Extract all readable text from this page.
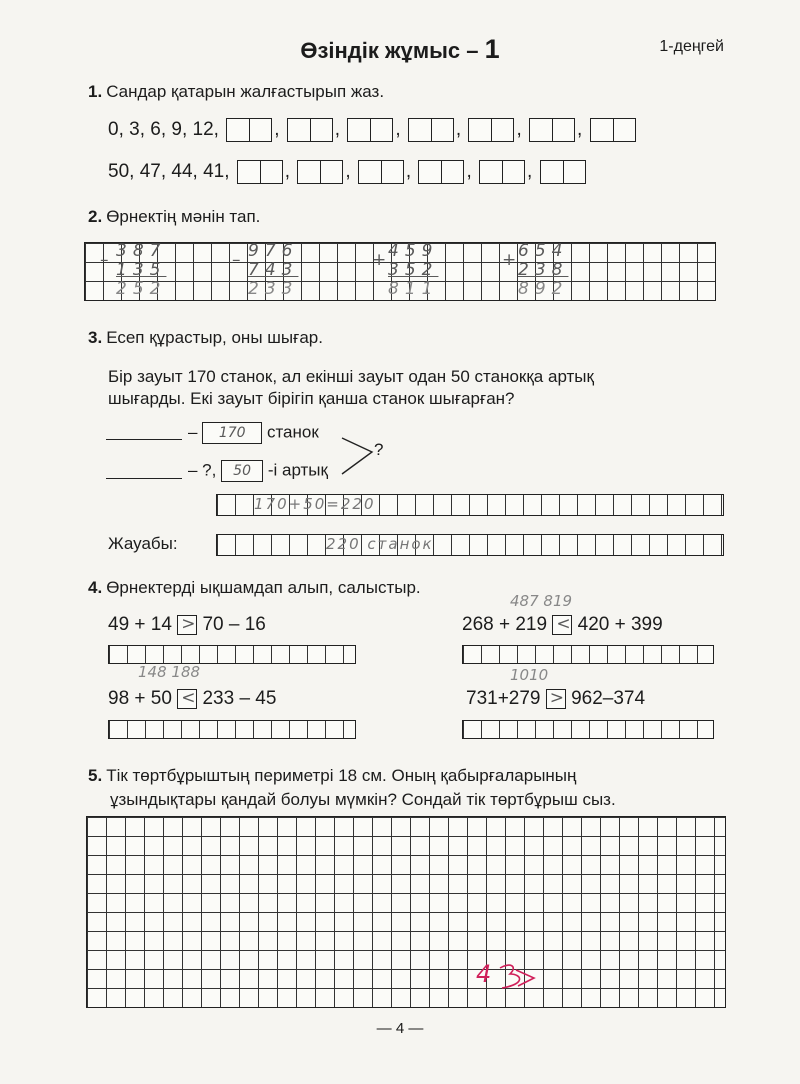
Өзіндік жұмыс – 1	1-деңгей
1. Сандар қатарын жалғастырып жаз.
0, 3, 6, 9, 12,	,	,	,	,	,	,
50, 47, 44, 41,	,	,	,	,	,
2. Өрнектің мәнін тап.
– 387
135
252
– 976
743
233
+ 459
352
811
+ 654
238
892
3. Есеп құрастыр, оны шығар.
Бір зауыт 170 станок, ал екінші зауыт одан 50 станокқа артық
шығарды. Екі зауыт бірігіп қанша станок шығарған?
– 170 станок
– ?, 50 -і артық
?
170+50=220
Жауабы:	220 станок
4. Өрнектерді ықшамдап алып, салыстыр.
487 819
49 + 14 > 70 – 16	268 + 219 < 420 + 399
148 188	1010
98 + 50 < 233 – 45	731+279 > 962–374
5. Тік төртбұрыштың периметрі 18 см. Оның қабырғаларының
ұзындықтары қандай болуы мүмкін? Сондай тік төртбұрыш сыз.
4
— 4 —
